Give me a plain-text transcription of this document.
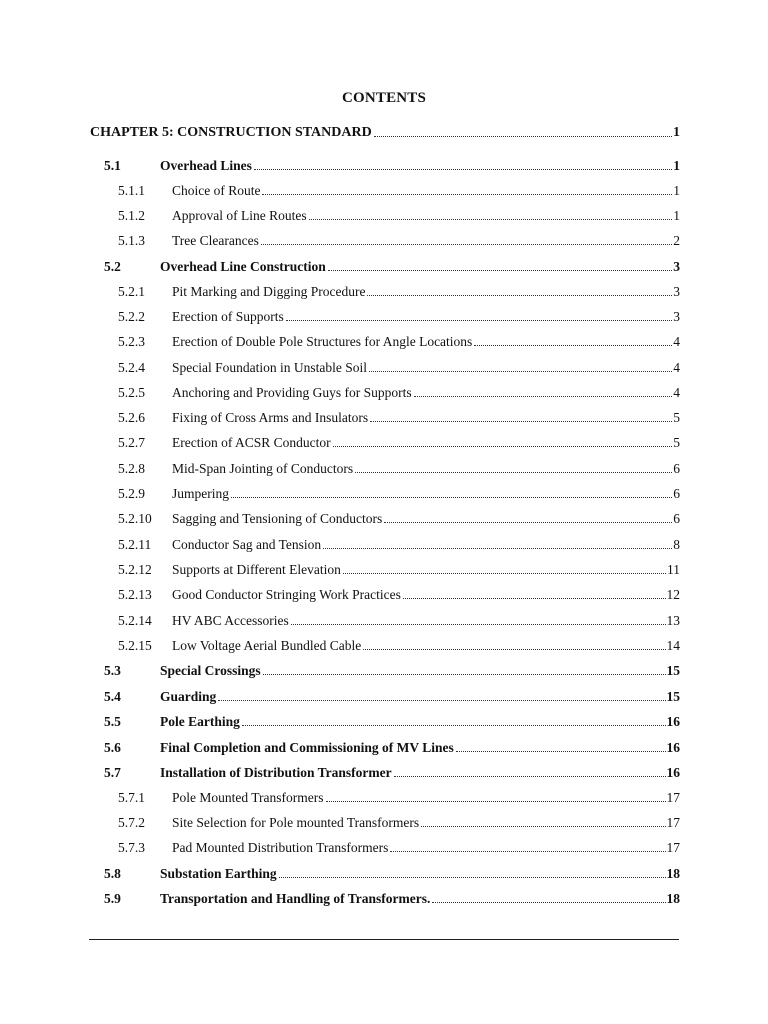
CONTENTS
CHAPTER 5: CONSTRUCTION STANDARD	1
5.1	Overhead Lines	1
5.1.1 Choice of Route	1
5.1.2 Approval of Line Routes	1
5.1.3 Tree Clearances	2
5.2	Overhead Line Construction	3
5.2.1 Pit Marking and Digging Procedure	3
5.2.2 Erection of Supports	3
5.2.3 Erection of Double Pole Structures for Angle Locations	4
5.2.4 Special Foundation in Unstable Soil	4
5.2.5 Anchoring and Providing Guys for Supports	4
5.2.6 Fixing of Cross Arms and Insulators	5
5.2.7 Erection of ACSR Conductor	5
5.2.8 Mid-Span Jointing of Conductors	6
5.2.9 Jumpering	6
5.2.10 Sagging and Tensioning of Conductors	6
5.2.11 Conductor Sag and Tension	8
5.2.12 Supports at Different Elevation	11
5.2.13 Good Conductor Stringing Work Practices	12
5.2.14 HV ABC Accessories	13
5.2.15 Low Voltage Aerial Bundled Cable	14
5.3	Special Crossings	15
5.4	Guarding	15
5.5	Pole Earthing	16
5.6	Final Completion and Commissioning of MV Lines	16
5.7	Installation of Distribution Transformer	16
5.7.1 Pole Mounted Transformers	17
5.7.2 Site Selection for Pole mounted Transformers	17
5.7.3 Pad Mounted Distribution Transformers	17
5.8	Substation Earthing	18
5.9	Transportation and Handling of Transformers.	18
